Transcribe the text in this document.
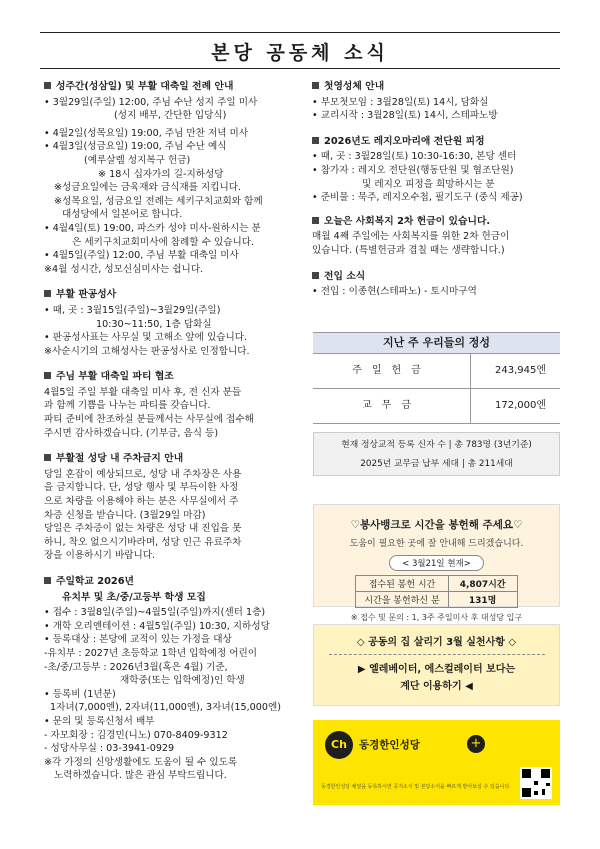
본당 공동체 소식
성주간(성삼일) 및 부활 대축일 전례 안내
• 3월29일(주일) 12:00, 주님 수난 성지 주일 미사
(성지 배부, 간단한 입당식)
• 4월2일(성목요일) 19:00, 주님 만찬 저녁 미사
• 4월3일(성금요일) 19:00, 주님 수난 예식
(예루살렘 성지복구 헌금)
※ 18시 십자가의 길-지하성당
※성금요일에는 금육재와 금식재를 지킵니다.
※성목요일, 성금요일 전례는 세키구치교회와 함께
대성당에서 일본어로 합니다.
• 4월4일(토) 19:00, 파스카 성야 미사-원하시는 분
은 세키구치교회미사에 참례할 수 있습니다.
• 4월5일(주일) 12:00, 주님 부활 대축일 미사
※4월 성시간, 성모신심미사는 쉽니다.
부활 판공성사
• 때, 곳 : 3월15일(주일)~3월29일(주일)
10:30~11:50, 1층 답화실
• 판공성사표는 사무실 및 고해소 앞에 있습니다.
※사순시기의 고해성사는 판공성사로 인정합니다.
주님 부활 대축일 파티 협조
4월5일 주일 부활 대축일 미사 후, 전 신자 분들
과 함께 기쁨을 나누는 파티를 갖습니다.
파티 준비에 찬조하실 분들께서는 사무실에 접수해
주시면 감사하겠습니다. (기부금, 음식 등)
부활절 성당 내 주차금지 안내
당일 혼잡이 예상되므로, 성당 내 주차장은 사용
을 금지합니다. 단, 성당 행사 및 부득이한 사정
으로 차량을 이용해야 하는 분은 사무실에서 주
차증 신청을 받습니다. (3월29일 마감)
당일은 주차증이 없는 차량은 성당 내 진입을 못
하니, 착오 없으시기바라며, 성당 인근 유료주차
장을 이용하시기 바랍니다.
주일학교 2026년
유치부 및 초/중/고등부 학생 모집
• 접수 : 3월8일(주일)~4월5일(주일)까지(센터 1층)
• 개학 오리엔테이션 : 4월5일(주일) 10:30, 지하성당
• 등록대상 : 본당에 교적이 있는 가정을 대상
-유치부 : 2027년 초등학교 1학년 입학예정 어린이
-초/중/고등부 : 2026년3월(혹은 4월) 기준,
재학중(또는 입학예정)인 학생
• 등록비 (1년분)
1자녀(7,000엔), 2자녀(11,000엔), 3자녀(15,000엔)
• 문의 및 등록신청서 배부
- 자모회장 : 김경민(니노) 070-8409-9312
- 성당사무실 : 03-3941-0929
※각 가정의 신앙생활에도 도움이 될 수 있도록
노력하겠습니다. 많은 관심 부탁드립니다.
첫영성체 안내
• 부모첫모임 : 3월28일(토) 14시, 담화실
• 교리시작 : 3월28일(토) 14시, 스테파노방
2026년도 레지오마리애 전단원 피정
• 때, 곳 : 3월28일(토) 10:30-16:30, 본당 센터
• 참가자 : 레지오 전단원(행동단원 및 협조단원)
및 레지오 피정을 희망하시는 분
• 준비물 : 묵주, 레지오수첩, 필기도구 (중식 제공)
오늘은 사회복지 2차 헌금이 있습니다.
매월 4째 주일에는 사회복지를 위한 2차 헌금이
있습니다. (특별헌금과 겹칠 때는 생략합니다.)
전입 소식
• 전입 : 이종현(스테파노) - 토시마구역
지난 주 우리들의 정성
주일헌금	243,945엔
교무금	172,000엔
현재 정상교적 등록 신자 수 | 총 783명 (3년기준)
2025년 교무금 납부 세대 | 총 211세대
♡봉사뱅크로 시간을 봉헌해 주세요♡
도움이 필요한 곳에 잘 안내해 드리겠습니다.
< 3월21일 현재>
접수된 봉헌 시간	4,807시간
시간을 봉헌하신 분	131명
※ 접수 및 문의 : 1, 3주 주일미사 후 대성당 입구
◇ 공동의 집 살리기 3월 실천사항 ◇
▶ 엘레베이터, 에스컬레이터 보다는
계단 이용하기 ◀
Ch	동경한인성당	+
동경한인성당 채널을 등록하시면 공지소식 및 본당소식을 빠르게 받아보실 수 있습니다.
